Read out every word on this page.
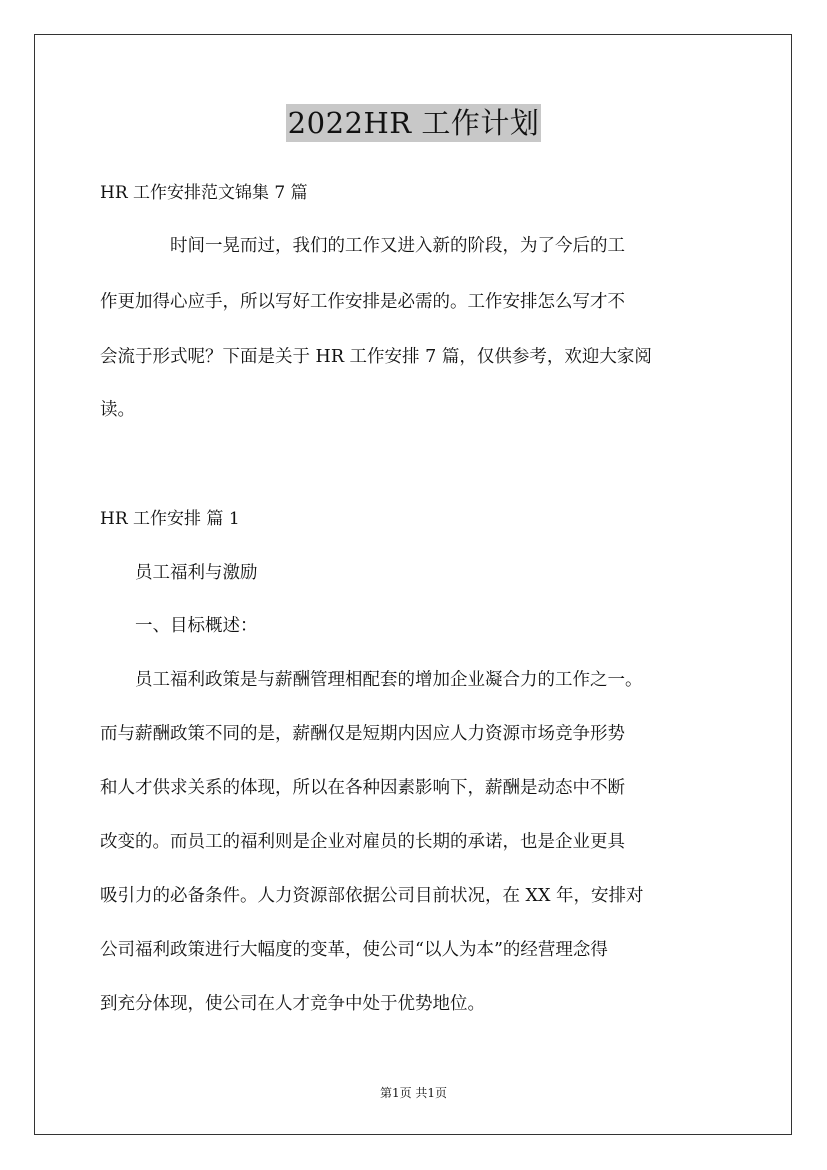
2022HR 工作计划
HR 工作安排范文锦集 7 篇
　　　　时间一晃而过，我们的工作又进入新的阶段，为了今后的工
作更加得心应手，所以写好工作安排是必需的。工作安排怎么写才不
会流于形式呢？下面是关于 HR 工作安排 7 篇，仅供参考，欢迎大家阅
读。
HR 工作安排 篇 1
　　员工福利与激励
　　一、目标概述：
　　员工福利政策是与薪酬管理相配套的增加企业凝合力的工作之一。
而与薪酬政策不同的是，薪酬仅是短期内因应人力资源市场竞争形势
和人才供求关系的体现，所以在各种因素影响下，薪酬是动态中不断
改变的。而员工的福利则是企业对雇员的长期的承诺，也是企业更具
吸引力的必备条件。人力资源部依据公司目前状况，在 XX 年，安排对
公司福利政策进行大幅度的变革，使公司“以人为本”的经营理念得
到充分体现，使公司在人才竞争中处于优势地位。
第1页 共1页
